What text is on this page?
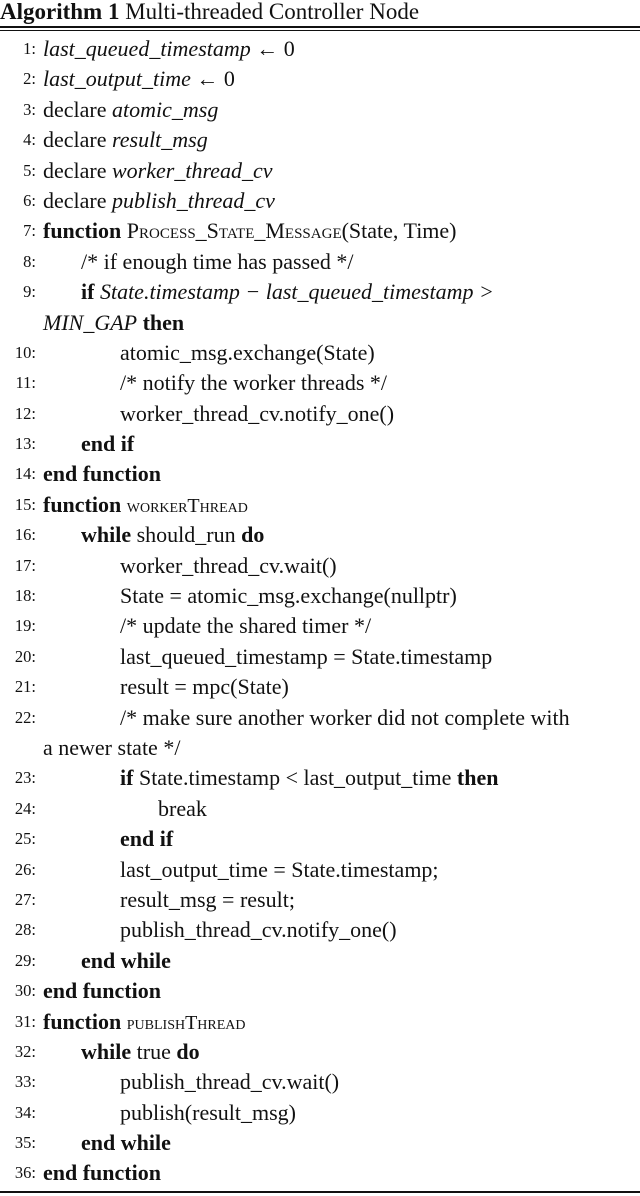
Algorithm 1 Multi-threaded Controller Node
1: last_queued_timestamp ← 0
2: last_output_time ← 0
3: declare atomic_msg
4: declare result_msg
5: declare worker_thread_cv
6: declare publish_thread_cv
7: function Process_State_Message(State, Time)
8: /* if enough time has passed */
9: if State.timestamp − last_queued_timestamp >
MIN_GAP then
10:	atomic_msg.exchange(State)
11:	/* notify the worker threads */
12:	worker_thread_cv.notify_one()
13: end if
14: end function
15: function workerThread
16: while should_run do
17:	worker_thread_cv.wait()
18:	State = atomic_msg.exchange(nullptr)
19:	/* update the shared timer */
20:	last_queued_timestamp = State.timestamp
21:	result = mpc(State)
22:	/* make sure another worker did not complete with
a newer state */
23:	if State.timestamp < last_output_time then
24:	break
25:	end if
26:	last_output_time = State.timestamp;
27:	result_msg = result;
28:	publish_thread_cv.notify_one()
29: end while
30: end function
31: function publishThread
32: while true do
33:	publish_thread_cv.wait()
34:	publish(result_msg)
35: end while
36: end function
